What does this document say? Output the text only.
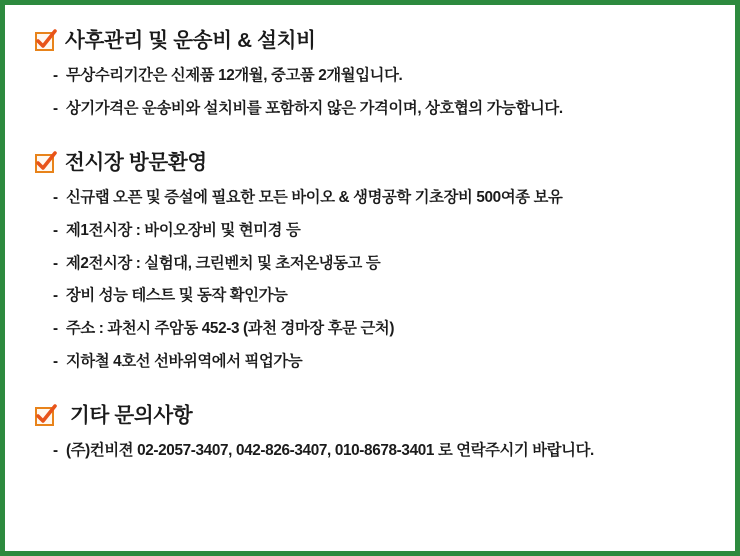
사후관리 및 운송비 & 설치비
- 무상수리기간은 신제품 12개월, 중고품 2개월입니다.
- 상기가격은 운송비와 설치비를 포함하지 않은 가격이며, 상호협의 가능합니다.
전시장 방문환영
- 신규랩 오픈 및 증설에 필요한 모든 바이오 & 생명공학 기초장비 500여종 보유
- 제1전시장 : 바이오장비 및 현미경 등
- 제2전시장 : 실험대, 크린벤치 및 초저온냉동고 등
- 장비 성능 테스트 및 동작 확인가능
- 주소 : 과천시 주암동 452-3 (과천 경마장 후문 근처)
- 지하철 4호선 선바위역에서 픽업가능
기타 문의사항
- (주)컨비젼 02-2057-3407, 042-826-3407, 010-8678-3401 로 연락주시기 바랍니다.
